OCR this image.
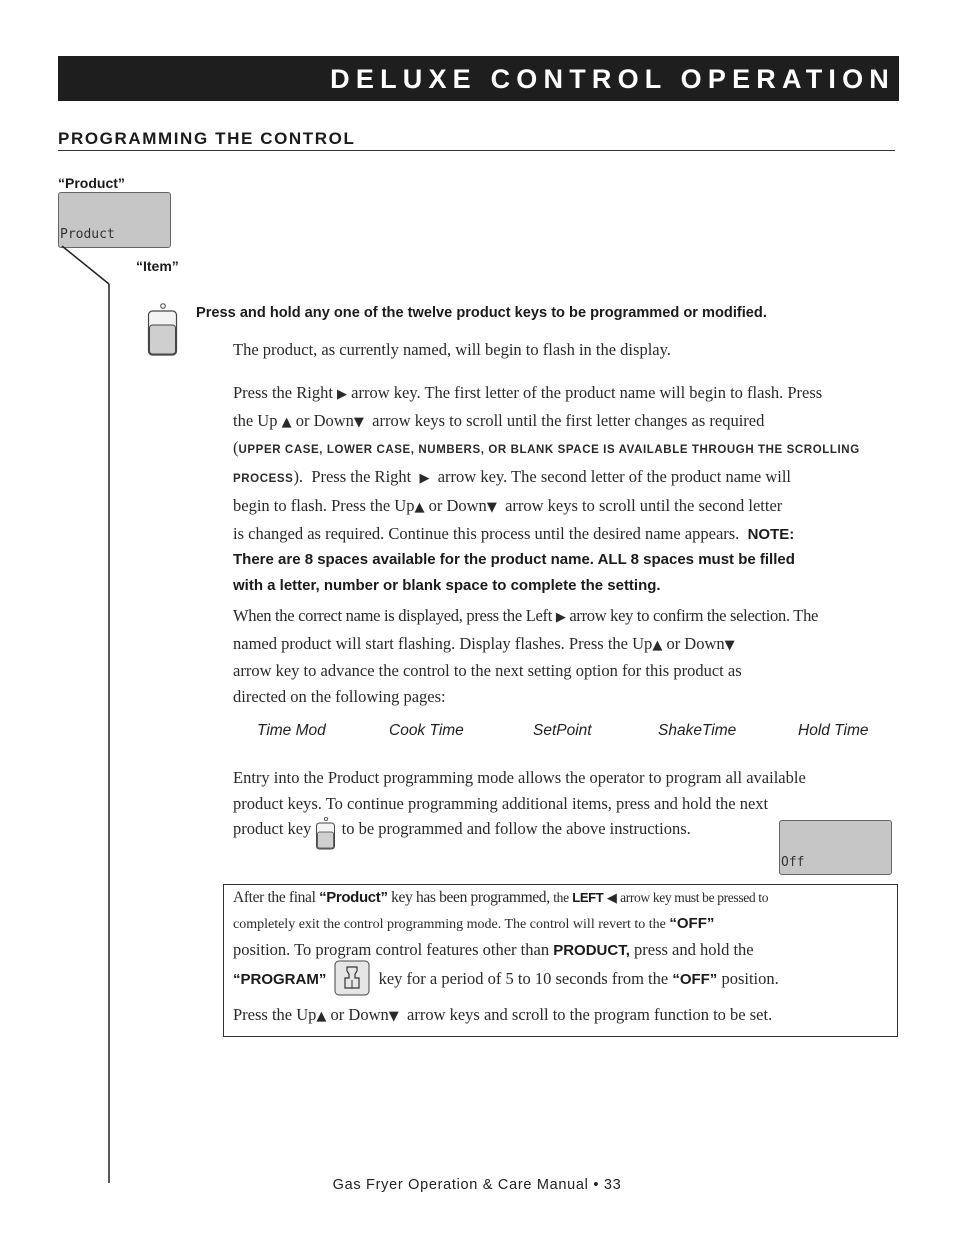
DELUXE CONTROL OPERATION
PROGRAMMING THE CONTROL
“Product”
Product
“Item”
Press and hold any one of the twelve product keys to be programmed or modified.
The product, as currently named, will begin to flash in the display.
Press the Right ▶ arrow key. The first letter of the product name will begin to flash. Press
the Up ▲ or Down▼ arrow keys to scroll until the first letter changes as required
(UPPER CASE, LOWER CASE, NUMBERS, OR BLANK SPACE IS AVAILABLE THROUGH THE SCROLLING
PROCESS).  Press the Right ▶ arrow key. The second letter of the product name will
begin to flash. Press the Up▲ or Down▼ arrow keys to scroll until the second letter
is changed as required. Continue this process until the desired name appears. NOTE:
There are 8 spaces available for the product name. ALL 8 spaces must be filled
with a letter, number or blank space to complete the setting.
When the correct name is displayed, press the Left ▶ arrow key to confirm the selection. The
named product will start flashing. Display flashes. Press the Up▲ or Down▼
arrow key to advance the control to the next setting option for this product as
directed on the following pages:
Time Mod	Cook Time	SetPoint	ShakeTime	Hold Time
Entry into the Product programming mode allows the operator to program all available
product keys. To continue programming additional items, press and hold the next
product key to be programmed and follow the above instructions.
Off
After the final “Product” key has been programmed, the LEFT ◀ arrow key must be pressed to
completely exit the control programming mode. The control will revert to the “OFF”
position. To program control features other than PRODUCT, press and hold the
“PROGRAM”	key for a period of 5 to 10 seconds from the “OFF” position.
Press the Up▲ or Down▼ arrow keys and scroll to the program function to be set.
Gas Fryer Operation & Care Manual • 33
